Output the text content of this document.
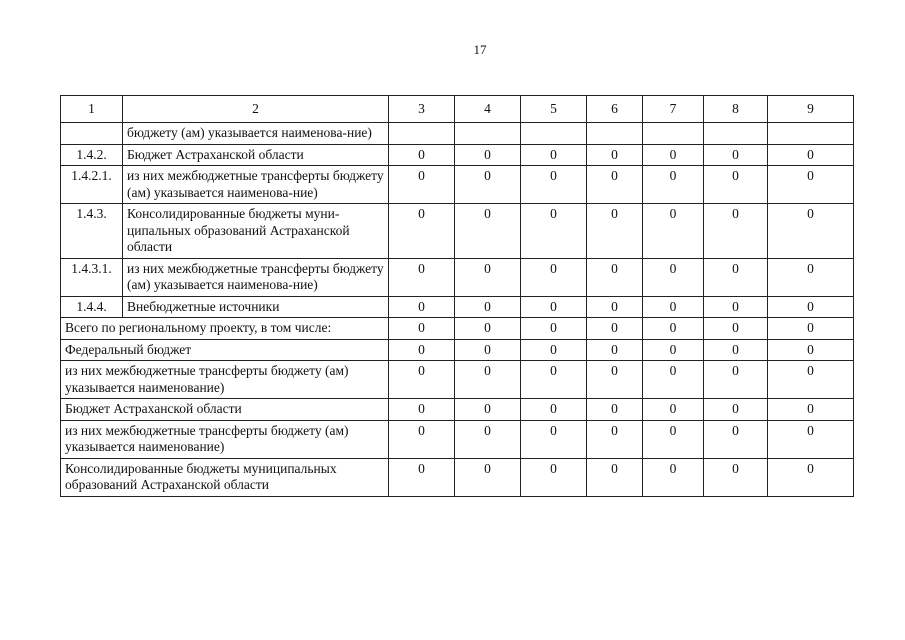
17
1	2	3	4	5	6	7	8	9
	бюджету (ам) указывается наименова-ние)							
1.4.2.	Бюджет Астраханской области	0	0	0	0	0	0	0
1.4.2.1.	из них межбюджетные трансферты бюджету (ам) указывается наименова-ние)	0	0	0	0	0	0	0
1.4.3.	Консолидированные бюджеты муни-ципальных образований Астраханской области	0	0	0	0	0	0	0
1.4.3.1.	из них межбюджетные трансферты бюджету (ам) указывается наименова-ние)	0	0	0	0	0	0	0
1.4.4.	Внебюджетные источники	0	0	0	0	0	0	0
Всего по региональному проекту, в том числе:		0	0	0	0	0	0	0
Федеральный бюджет		0	0	0	0	0	0	0
из них межбюджетные трансферты бюджету (ам) указывается наименование)		0	0	0	0	0	0	0
Бюджет Астраханской области		0	0	0	0	0	0	0
из них межбюджетные трансферты бюджету (ам) указывается наименование)		0	0	0	0	0	0	0
Консолидированные бюджеты муниципальных образований Астраханской области		0	0	0	0	0	0	0
